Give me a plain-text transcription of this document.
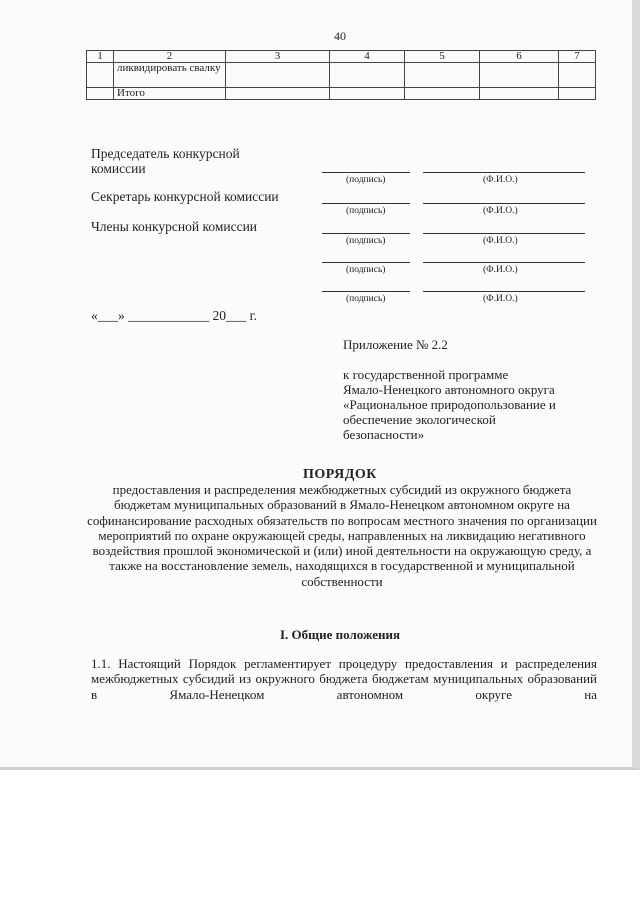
40
1	2	3	4	5	6	7
	ликвидировать свалку					
	Итого					
Председатель конкурсной комиссии
Секретарь конкурсной комиссии
Члены конкурсной комиссии
(подпись)	(Ф.И.О.)
(подпись)	(Ф.И.О.)
(подпись)	(Ф.И.О.)
(подпись)	(Ф.И.О.)
(подпись)	(Ф.И.О.)
«___» ____________ 20___ г.
Приложение № 2.2
к государственной программе
Ямало-Ненецкого автономного округа
«Рациональное природопользование и
обеспечение экологической
безопасности»
ПОРЯДОК
предоставления и распределения межбюджетных субсидий из окружного бюджета бюджетам муниципальных образований в Ямало-Ненецком автономном округе на софинансирование расходных обязательств по вопросам местного значения по организации мероприятий по охране окружающей среды, направленных на ликвидацию негативного воздействия прошлой экономической и (или) иной деятельности на окружающую среду, а также на восстановление земель, находящихся в государственной и муниципальной собственности
I. Общие положения
1.1. Настоящий Порядок регламентирует процедуру предоставления и распределения межбюджетных субсидий из окружного бюджета бюджетам муниципальных образований в Ямало-Ненецком автономном округе на
